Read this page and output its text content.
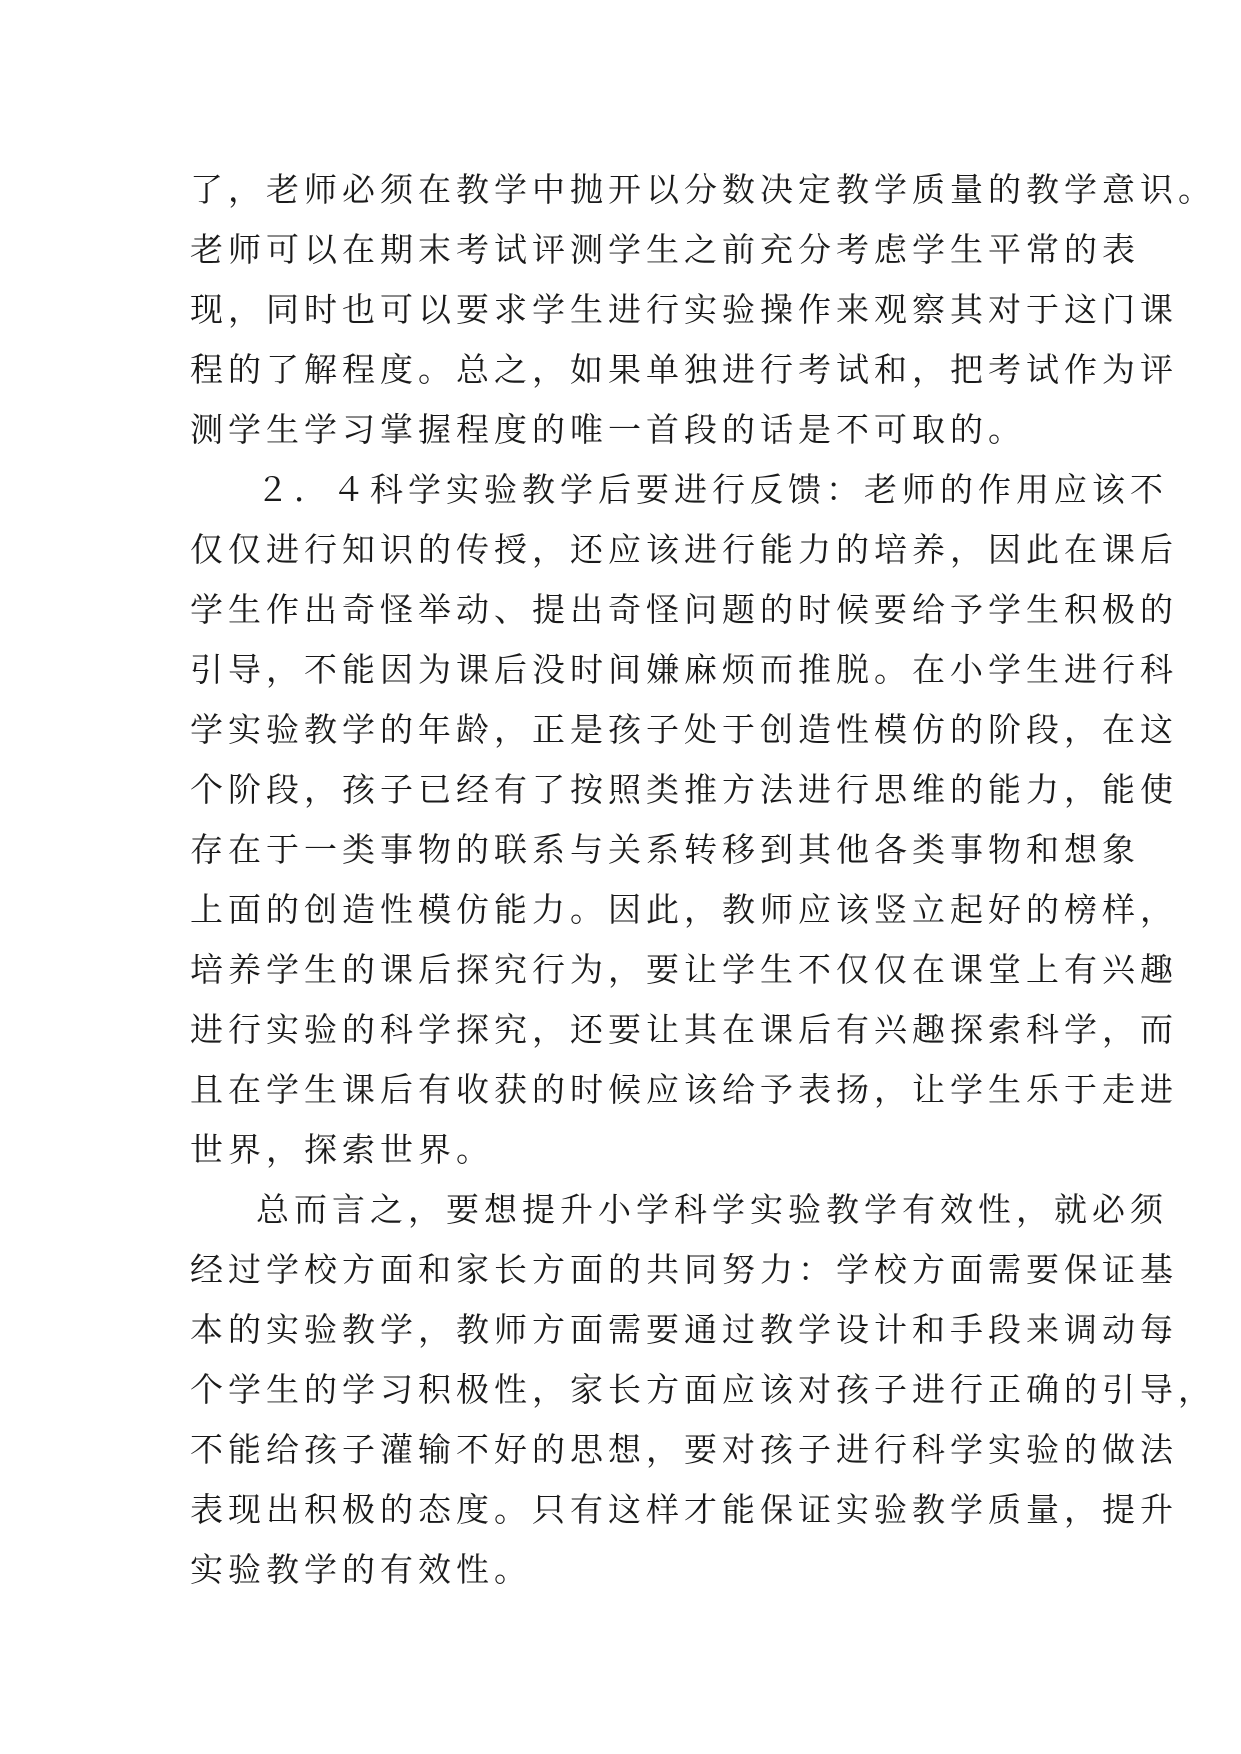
了，老师必须在教学中抛开以分数决定教学质量的教学意识。
老师可以在期末考试评测学生之前充分考虑学生平常的表
现，同时也可以要求学生进行实验操作来观察其对于这门课
程的了解程度。总之，如果单独进行考试和，把考试作为评
测学生学习掌握程度的唯一首段的话是不可取的。
２．４科学实验教学后要进行反馈：老师的作用应该不
仅仅进行知识的传授，还应该进行能力的培养，因此在课后
学生作出奇怪举动、提出奇怪问题的时候要给予学生积极的
引导，不能因为课后没时间嫌麻烦而推脱。在小学生进行科
学实验教学的年龄，正是孩子处于创造性模仿的阶段，在这
个阶段，孩子已经有了按照类推方法进行思维的能力，能使
存在于一类事物的联系与关系转移到其他各类事物和想象
上面的创造性模仿能力。因此，教师应该竖立起好的榜样，
培养学生的课后探究行为，要让学生不仅仅在课堂上有兴趣
进行实验的科学探究，还要让其在课后有兴趣探索科学，而
且在学生课后有收获的时候应该给予表扬，让学生乐于走进
世界，探索世界。
总而言之，要想提升小学科学实验教学有效性，就必须
经过学校方面和家长方面的共同努力：学校方面需要保证基
本的实验教学，教师方面需要通过教学设计和手段来调动每
个学生的学习积极性，家长方面应该对孩子进行正确的引导，
不能给孩子灌输不好的思想，要对孩子进行科学实验的做法
表现出积极的态度。只有这样才能保证实验教学质量，提升
实验教学的有效性。
